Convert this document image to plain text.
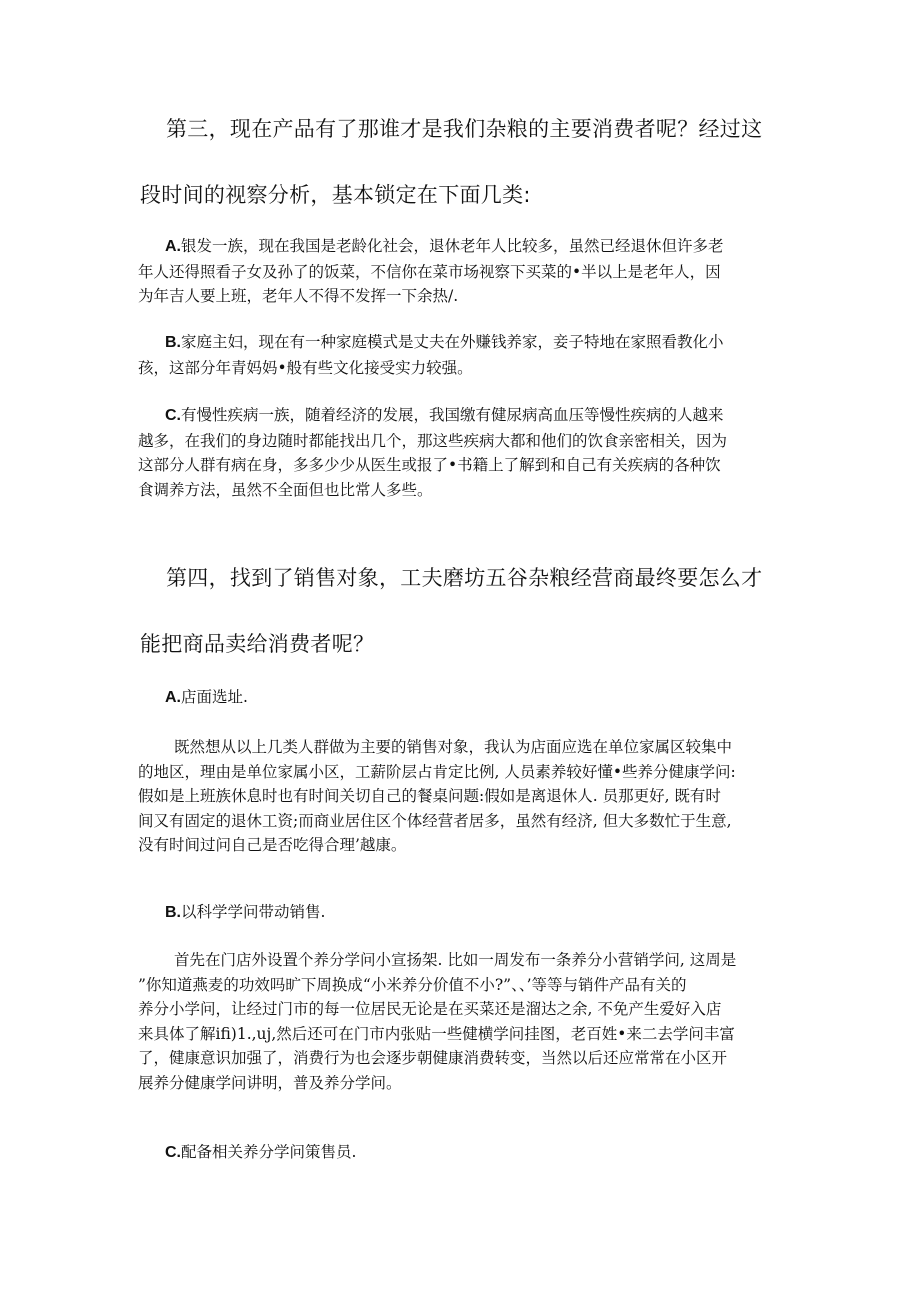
第三，现在产品有了那谁才是我们杂粮的主要消费者呢？经过这
段时间的视察分析，基本锁定在下面几类:

A.银发一族，现在我国是老龄化社会，退休老年人比较多，虽然已经退休但许多老
年人还得照看子女及孙了的饭菜，不信你在菜市场视察下买菜的•半以上是老年人，因
为年吉人要上班，老年人不得不发挥一下余热/.

B.家庭主妇，现在有一种家庭模式是丈夫在外赚钱养家，妾子特地在家照看教化小
孩，这部分年青妈妈•般有些文化接受实力较强。

C.有慢性疾病一族，随着经济的发展，我国缴有健尿病高血压等慢性疾病的人越来
越多，在我们的身边随时都能找出几个，那这些疾病大都和他们的饮食亲密相关，因为
这部分人群有病在身，多多少少从医生或报了•书籍上了解到和自己有关疾病的各种饮
食调养方法，虽然不全面但也比常人多些。

第四，找到了销售对象，工夫磨坊五谷杂粮经营商最终要怎么才
能把商品卖给消费者呢？

A.店面选址.

既然想从以上几类人群做为主要的销售对象，我认为店面应选在单位家属区较集中
的地区，理由是单位家属小区，工薪阶层占肯定比例, 人员素养较好懂•些养分健康学问:
假如是上班族休息时也有时间关切自己的餐桌问题:假如是离退休人. 员那更好, 既有时
间又有固定的退休工资;而商业居住区个体经营者居多，虽然有经济, 但大多数忙于生意,
没有时间过问自己是否吃得合理’越康。

B.以科学学问带动销售.

首先在门店外设置个养分学问小宣扬架. 比如一周发布一条养分小营销学问, 这周是
”你知道燕麦的功效吗旷下周换成“小米养分价值不小?”、、’等等与销件产品有关的
养分小学问，让经过门市的每一位居民无论是在买菜还是溜达之余, 不免产生爱好入店
来具体了解ifi)1.,uj,然后还可在门市内张贴一些健横学问挂图，老百姓•来二去学问丰富
了，健康意识加强了，消费行为也会逐步朝健康消费转变，当然以后还应常常在小区开
展养分健康学问讲明，普及养分学问。

C.配备相关养分学问策售员.
